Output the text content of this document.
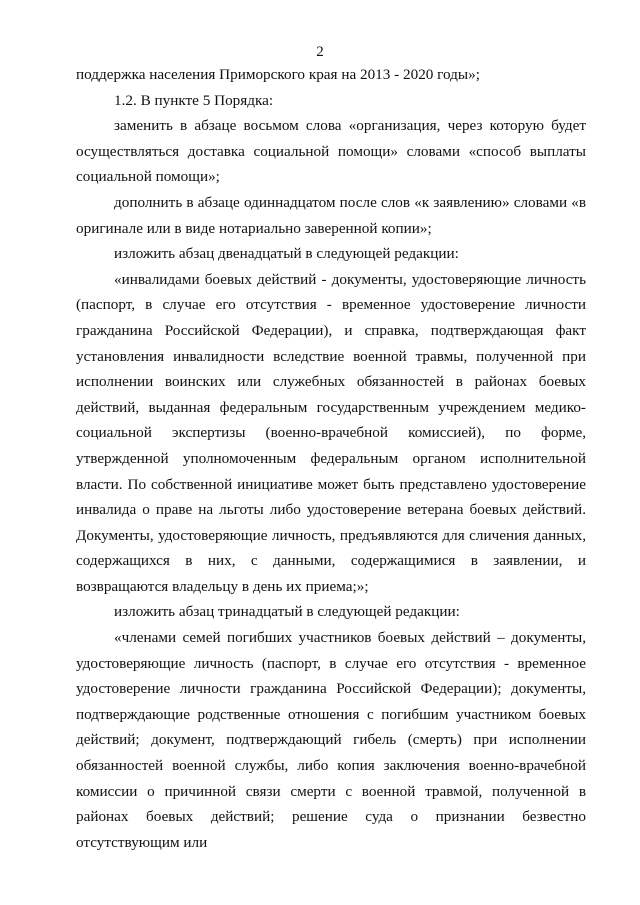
2

поддержка населения Приморского края на 2013 - 2020 годы»;

1.2. В пункте 5 Порядка:

заменить в абзаце восьмом слова «организация, через которую будет осуществляться доставка социальной помощи» словами «способ выплаты социальной помощи»;

дополнить в абзаце одиннадцатом после слов «к заявлению» словами «в оригинале или в виде нотариально заверенной копии»;

изложить абзац двенадцатый в следующей редакции:

«инвалидами боевых действий - документы, удостоверяющие личность (паспорт, в случае его отсутствия - временное удостоверение личности гражданина Российской Федерации), и справка, подтверждающая факт установления инвалидности вследствие военной травмы, полученной при исполнении воинских или служебных обязанностей в районах боевых действий, выданная федеральным государственным учреждением медико-социальной экспертизы (военно-врачебной комиссией), по форме, утвержденной уполномоченным федеральным органом исполнительной власти. По собственной инициативе может быть представлено удостоверение инвалида о праве на льготы либо удостоверение ветерана боевых действий. Документы, удостоверяющие личность, предъявляются для сличения данных, содержащихся в них, с данными, содержащимися в заявлении, и возвращаются владельцу в день их приема;»;

изложить абзац тринадцатый в следующей редакции:

«членами семей погибших участников боевых действий – документы, удостоверяющие личность (паспорт, в случае его отсутствия - временное удостоверение личности гражданина Российской Федерации); документы, подтверждающие родственные отношения с погибшим участником боевых действий; документ, подтверждающий гибель (смерть) при исполнении обязанностей военной службы, либо копия заключения военно-врачебной комиссии о причинной связи смерти с военной травмой, полученной в районах боевых действий; решение суда о признании безвестно отсутствующим или
